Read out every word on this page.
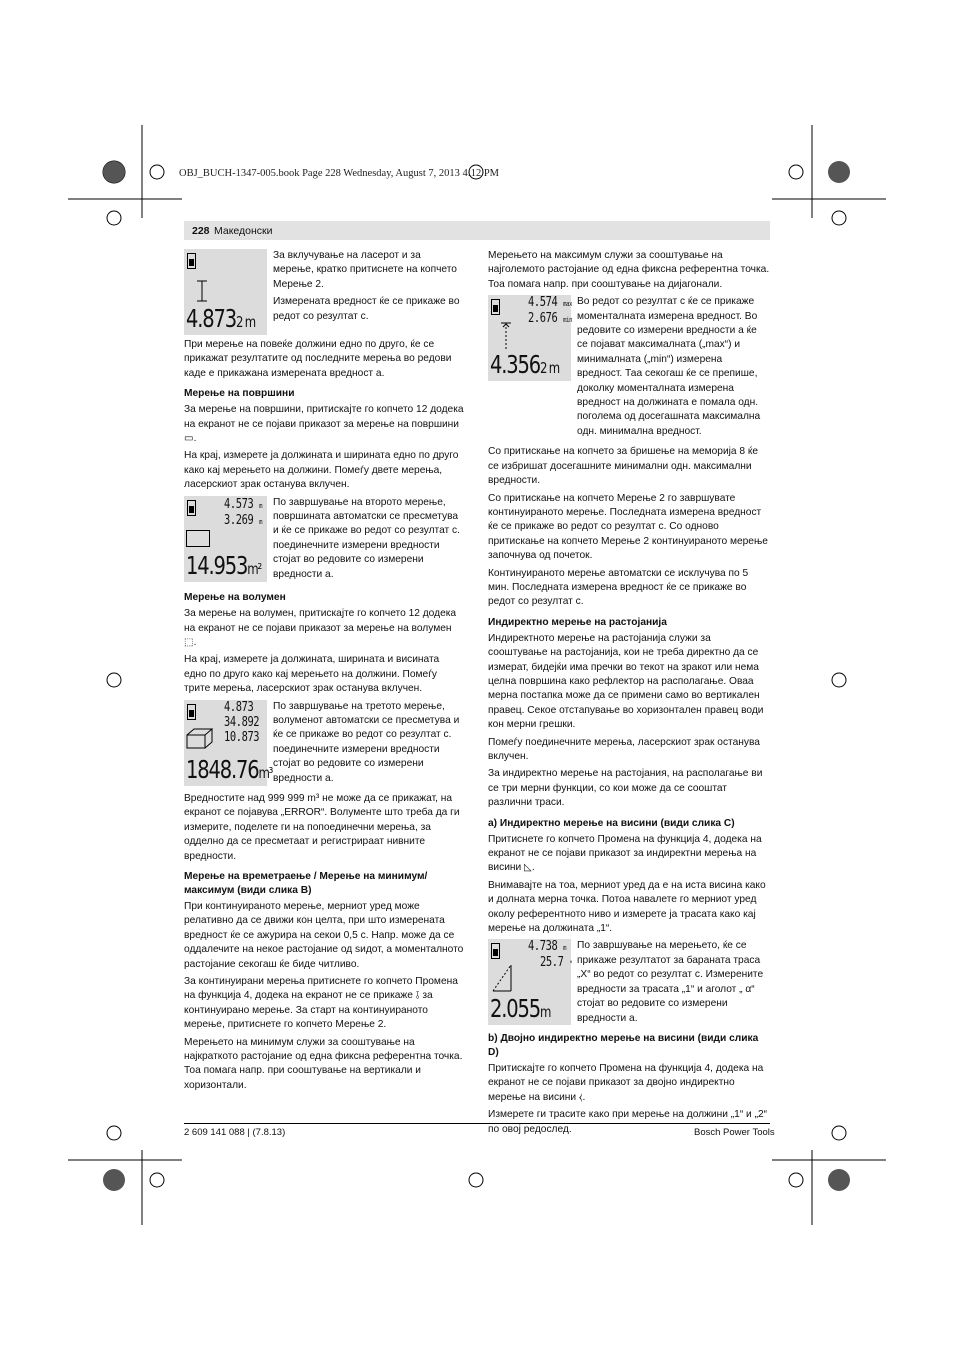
OBJ_BUCH-1347-005.book Page 228 Wednesday, August 7, 2013 4:12 PM
228 Македонски
4.8732 m

За вклучување на ласерот и за мерење, кратко притиснете на копчето Мерење 2.

Измерената вредност ќе се прикаже во редот со резултат c.

При мерење на повеќе должини едно по друго, ќе се прикажат резултатите од последните мерења во редови каде е прикажана измерената вредност a.

Мерење на површини

За мерење на површини, притискајте го копчето 12 додека на екранот не се појави приказот за мерење на површини ▭.

На крај, измерете ја должината и ширината едно по друго како кај мерењето на должини. Помеѓу двете мерења, ласерскиот зрак останува вклучен.

4.573 m
3.269 m
14.953m²

По завршување на второто мерење, површината автоматски се пресметува и ќе се прикаже во редот со резултат c. поединечните измерени вредности стојат во редовите со измерени вредности a.

Мерење на волумен

За мерење на волумен, притискајте го копчето 12 додека на екранот не се појави приказот за мерење на волумен ⬚.

На крај, измерете ја должината, ширината и висината едно по друго како кај мерењето на должини. Помеѓу трите мерења, ласерскиот зрак останува вклучен.

4.873
34.892
10.873
1848.76m³

По завршување на третото мерење, волуменот автоматски се пресметува и ќе се прикаже во редот со резултат c. поединечните измерени вредности стојат во редовите со измерени вредности a.

Вредностите над 999 999 m³ не може да се прикажат, на екранот се појавува „ERROR“. Волументе што треба да ги измерите, поделете ги на попоединечни мерења, за одделно да се пресметаат и регистрираат нивните вредности.

Мерење на времетраење / Мерење на минимум/максимум (види слика B)

При континуираното мерење, мерниот уред може релативно да се движи кон целта, при што измерената вредност ќе се ажурира на секои 0,5 с. Напр. може да се оддалечите на некое растојание од sидот, а моменталното растојание секогаш ќе биде читливо.

За континуирани мерења притиснете го копчето Промена на функција 4, додека на екранот не се прикаже ⫱ за континуирано мерење. За старт на континуираното мерење, притиснете го копчето Мерење 2.

Мерењето на минимум служи за сооштување на најкраткото растојание од една фиксна референтна точка. Тоа помага напр. при сооштување на вертикали и хоризонтали.

Мерењето на максимум служи за сооштување на најголемото растојание од една фиксна референтна точка. Тоа помага напр. при сооштување на дијагонали.

4.574 max
2.676 min
4.3562 m

Во редот со резултат c ќе се прикаже моменталната измерена вредност. Во редовите со измерени вредности a ќе се појават максималната („max“) и минималната („min“) измерена вредност. Таа секогаш ќе се препише, доколку моменталната измерена вредност на должината е помала одн. поголема од досегашната максимална одн. минимална вредност.

Со притискање на копчето за бришење на меморија 8 ќе се избришат досегашните минимални одн. максимални вредности.

Со притискање на копчето Мерење 2 го завршувате континуираното мерење. Последната измерена вредност ќе се прикаже во редот со резултат c. Со одново притискање на копчето Мерење 2 континуираното мерење започнува од почеток.

Континуираното мерење автоматски се исклучува по 5 мин. Последната измерена вредност ќе се прикаже во редот со резултат c.

Индиректно мерење на растојанија

Индиректното мерење на растојанија служи за сооштување на растојанија, кои не треба директно да се измерат, бидејќи има пречки во текот на зракот или нема целна површина како рефлектор на располагање. Оваа мерна постапка може да се примени само во вертикален правец. Секое отстапување во хоризонтален правец води кон мерни грешки.

Помеѓу поединечните мерења, ласерскиот зрак останува вклучен.

За индиректно мерење на растојания, на располагање ви се три мерни функции, со кои може да се сооштат различни траси.

a) Индиректно мерење на висини (види слика C)

Притиснете го копчето Промена на функција 4, додека на екранот не се појави приказот за индиректни мерења на висини ◺.

Внимавајте на тоа, мерниот уред да е на иста висина како и долната мерна точка. Потоа навалете го мерниот уред околу референтното ниво и измерете ја трасата како кај мерење на должината „1“.

4.738 m
25.7 °
2.055m

По завршување на мерењето, ќе се прикаже резултатот за бараната траса „X“ во редот со резултат c. Измерените вредности за трасата „1“ и аголот „ α“ стојат во редовите со измерени вредности a.

b) Двојно индиректно мерење на висини (види слика D)

Притискајте го копчето Промена на функција 4, додека на екранот не се појави приказот за двојно индиректно мерење на висини ⧼.

Измерете ги трасите како при мерење на должини „1“ и „2“ по овој редослед.

2 609 141 088 | (7.8.13)	Bosch Power Tools
